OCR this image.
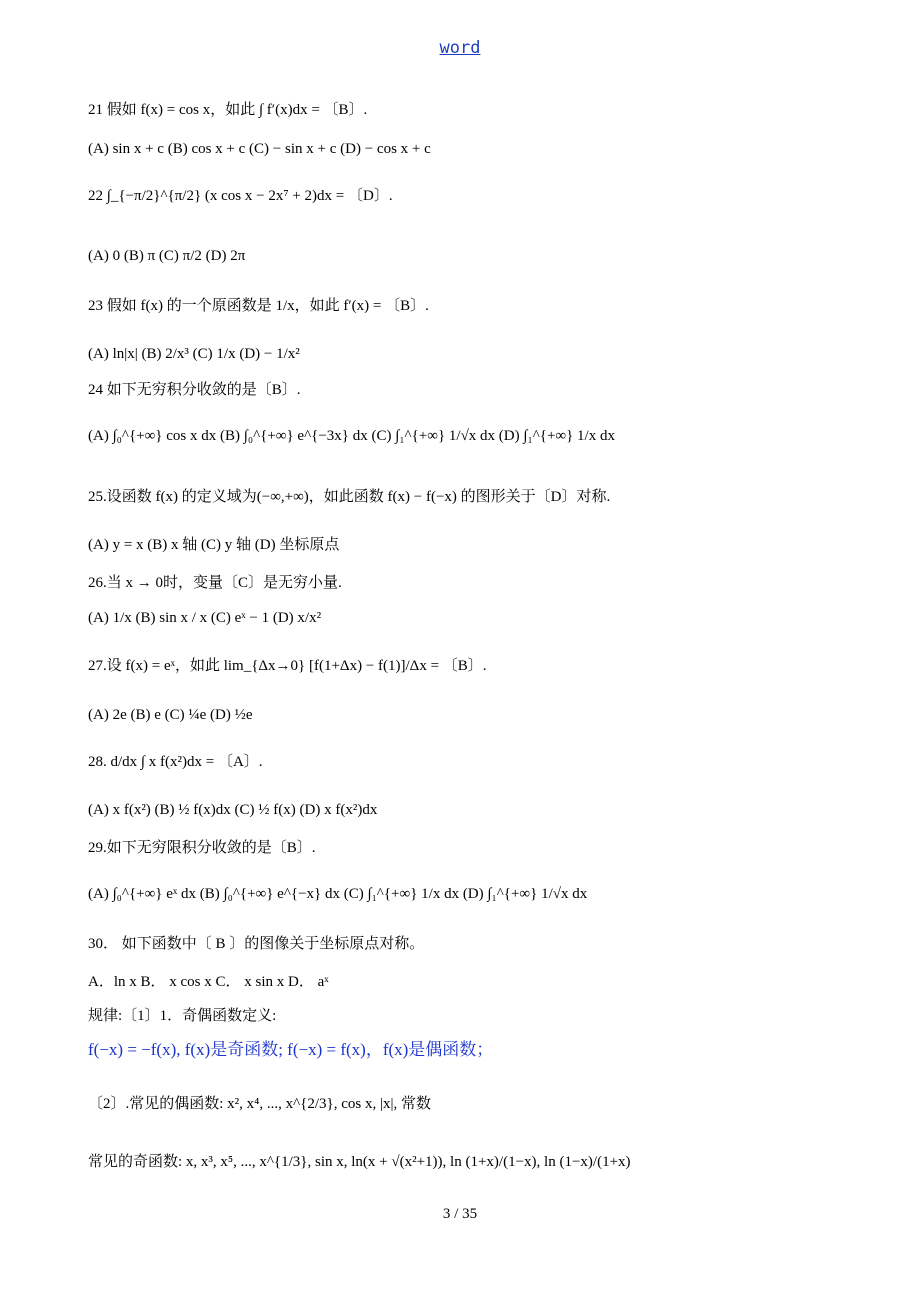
word
21 假如 f(x) = cos x，如此 ∫ f′(x)dx = 〔B〕.
(A) sin x + c (B) cos x + c (C) − sin x + c (D) − cos x + c
22 ∫_{−π/2}^{π/2} (x cos x − 2x⁷ + 2)dx = 〔D〕.
(A) 0 (B) π (C) π/2 (D) 2π
23 假如 f(x) 的一个原函数是 1/x，如此 f′(x) = 〔B〕.
(A) ln|x| (B) 2/x³ (C) 1/x (D) − 1/x²
24 如下无穷积分收敛的是〔B〕.
(A) ∫₀^{+∞} cos x dx (B) ∫₀^{+∞} e^{−3x} dx (C) ∫₁^{+∞} 1/√x dx (D) ∫₁^{+∞} 1/x dx
25.设函数 f(x) 的定义域为(−∞,+∞)，如此函数 f(x) − f(−x) 的图形关于〔D〕对称.
(A) y = x (B) x 轴 (C) y 轴 (D) 坐标原点
26.当 x → 0时，变量〔C〕是无穷小量.
(A) 1/x (B) sin x / x (C) eˣ − 1 (D) x/x²
27.设 f(x) = eˣ，如此 lim_{Δx→0} [f(1+Δx) − f(1)]/Δx = 〔B〕.
(A) 2e (B) e (C) ¼e (D) ½e
28. d/dx ∫ x f(x²)dx = 〔A〕.
(A) x f(x²) (B) ½ f(x)dx (C) ½ f(x) (D) x f(x²)dx
29.如下无穷限积分收敛的是〔B〕.
(A) ∫₀^{+∞} eˣ dx (B) ∫₀^{+∞} e^{−x} dx (C) ∫₁^{+∞} 1/x dx (D) ∫₁^{+∞} 1/√x dx
30． 如下函数中〔 B 〕的图像关于坐标原点对称。
A．ln x B． x cos x C． x sin x D． aˣ
规律:〔1〕1．奇偶函数定义:
f(−x) = −f(x), f(x)是奇函数; f(−x) = f(x)，f(x)是偶函数；
〔2〕.常见的偶函数: x², x⁴, ..., x^{2/3}, cos x, |x|, 常数
常见的奇函数: x, x³, x⁵, ..., x^{1/3}, sin x, ln(x + √(x²+1)), ln (1+x)/(1−x), ln (1−x)/(1+x)
3 / 35
